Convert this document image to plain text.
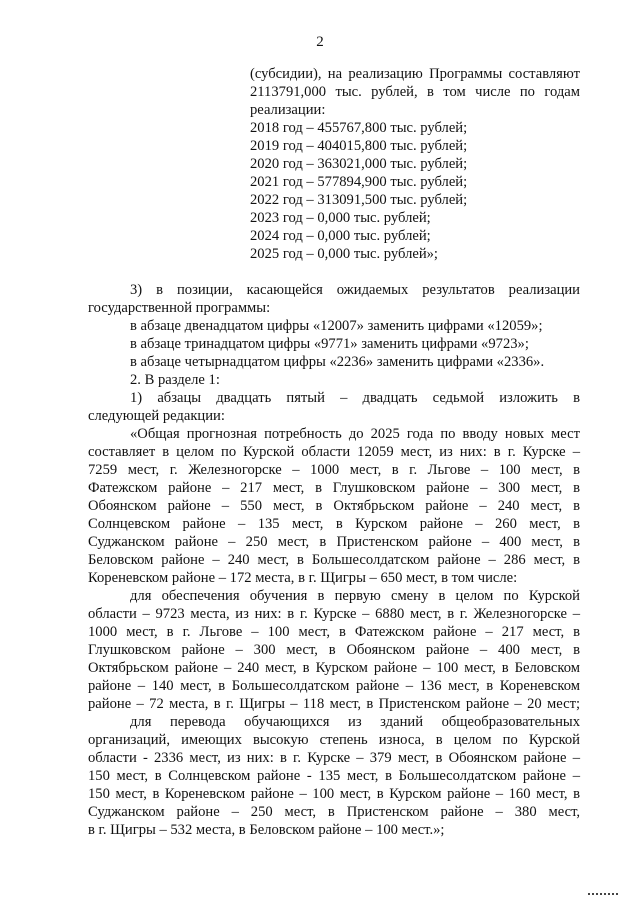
2
(субсидии), на реализацию Программы составляют
2113791,000 тыс. рублей, в том числе по годам
реализации:
2018 год – 455767,800 тыс. рублей;
2019 год – 404015,800 тыс. рублей;
2020 год – 363021,000 тыс. рублей;
2021 год – 577894,900 тыс. рублей;
2022 год – 313091,500 тыс. рублей;
2023 год – 0,000 тыс. рублей;
2024 год – 0,000 тыс. рублей;
2025 год – 0,000 тыс. рублей»;
3) в позиции, касающейся ожидаемых результатов реализации
государственной программы:
в абзаце двенадцатом цифры «12007» заменить цифрами «12059»;
в абзаце тринадцатом цифры «9771» заменить цифрами «9723»;
в абзаце четырнадцатом цифры «2236» заменить цифрами «2336».
2. В разделе 1:
1) абзацы двадцать пятый – двадцать седьмой изложить в
следующей редакции:
«Общая прогнозная потребность до 2025 года по вводу новых мест
составляет в целом по Курской области 12059 мест, из них: в г. Курске –
7259 мест, г. Железногорске – 1000 мест, в г. Льгове – 100 мест, в
Фатежском районе – 217 мест, в Глушковском районе – 300 мест, в
Обоянском районе – 550 мест, в Октябрьском районе – 240 мест, в
Солнцевском районе – 135 мест, в Курском районе – 260 мест, в
Суджанском районе – 250 мест, в Пристенском районе – 400 мест, в
Беловском районе – 240 мест, в Большесолдатском районе – 286 мест, в
Кореневском районе – 172 места, в г. Щигры – 650 мест, в том числе:
для обеспечения обучения в первую смену в целом по Курской
области – 9723 места, из них: в г. Курске – 6880 мест, в г. Железногорске –
1000 мест, в г. Льгове – 100 мест, в Фатежском районе – 217 мест, в
Глушковском районе – 300 мест, в Обоянском районе – 400 мест, в
Октябрьском районе – 240 мест, в Курском районе – 100 мест, в Беловском
районе – 140 мест, в Большесолдатском районе – 136 мест, в Кореневском
районе – 72 места, в г. Щигры – 118 мест, в Пристенском районе – 20 мест;
для перевода обучающихся из зданий общеобразовательных
организаций, имеющих высокую степень износа, в целом по Курской
области - 2336 мест, из них: в г. Курске – 379 мест, в Обоянском районе –
150 мест, в Солнцевском районе - 135 мест, в Большесолдатском районе –
150 мест, в Кореневском районе – 100 мест, в Курском районе – 160 мест, в
Суджанском районе – 250 мест, в Пристенском районе – 380 мест,
в г. Щигры – 532 места, в Беловском районе – 100 мест.»;
